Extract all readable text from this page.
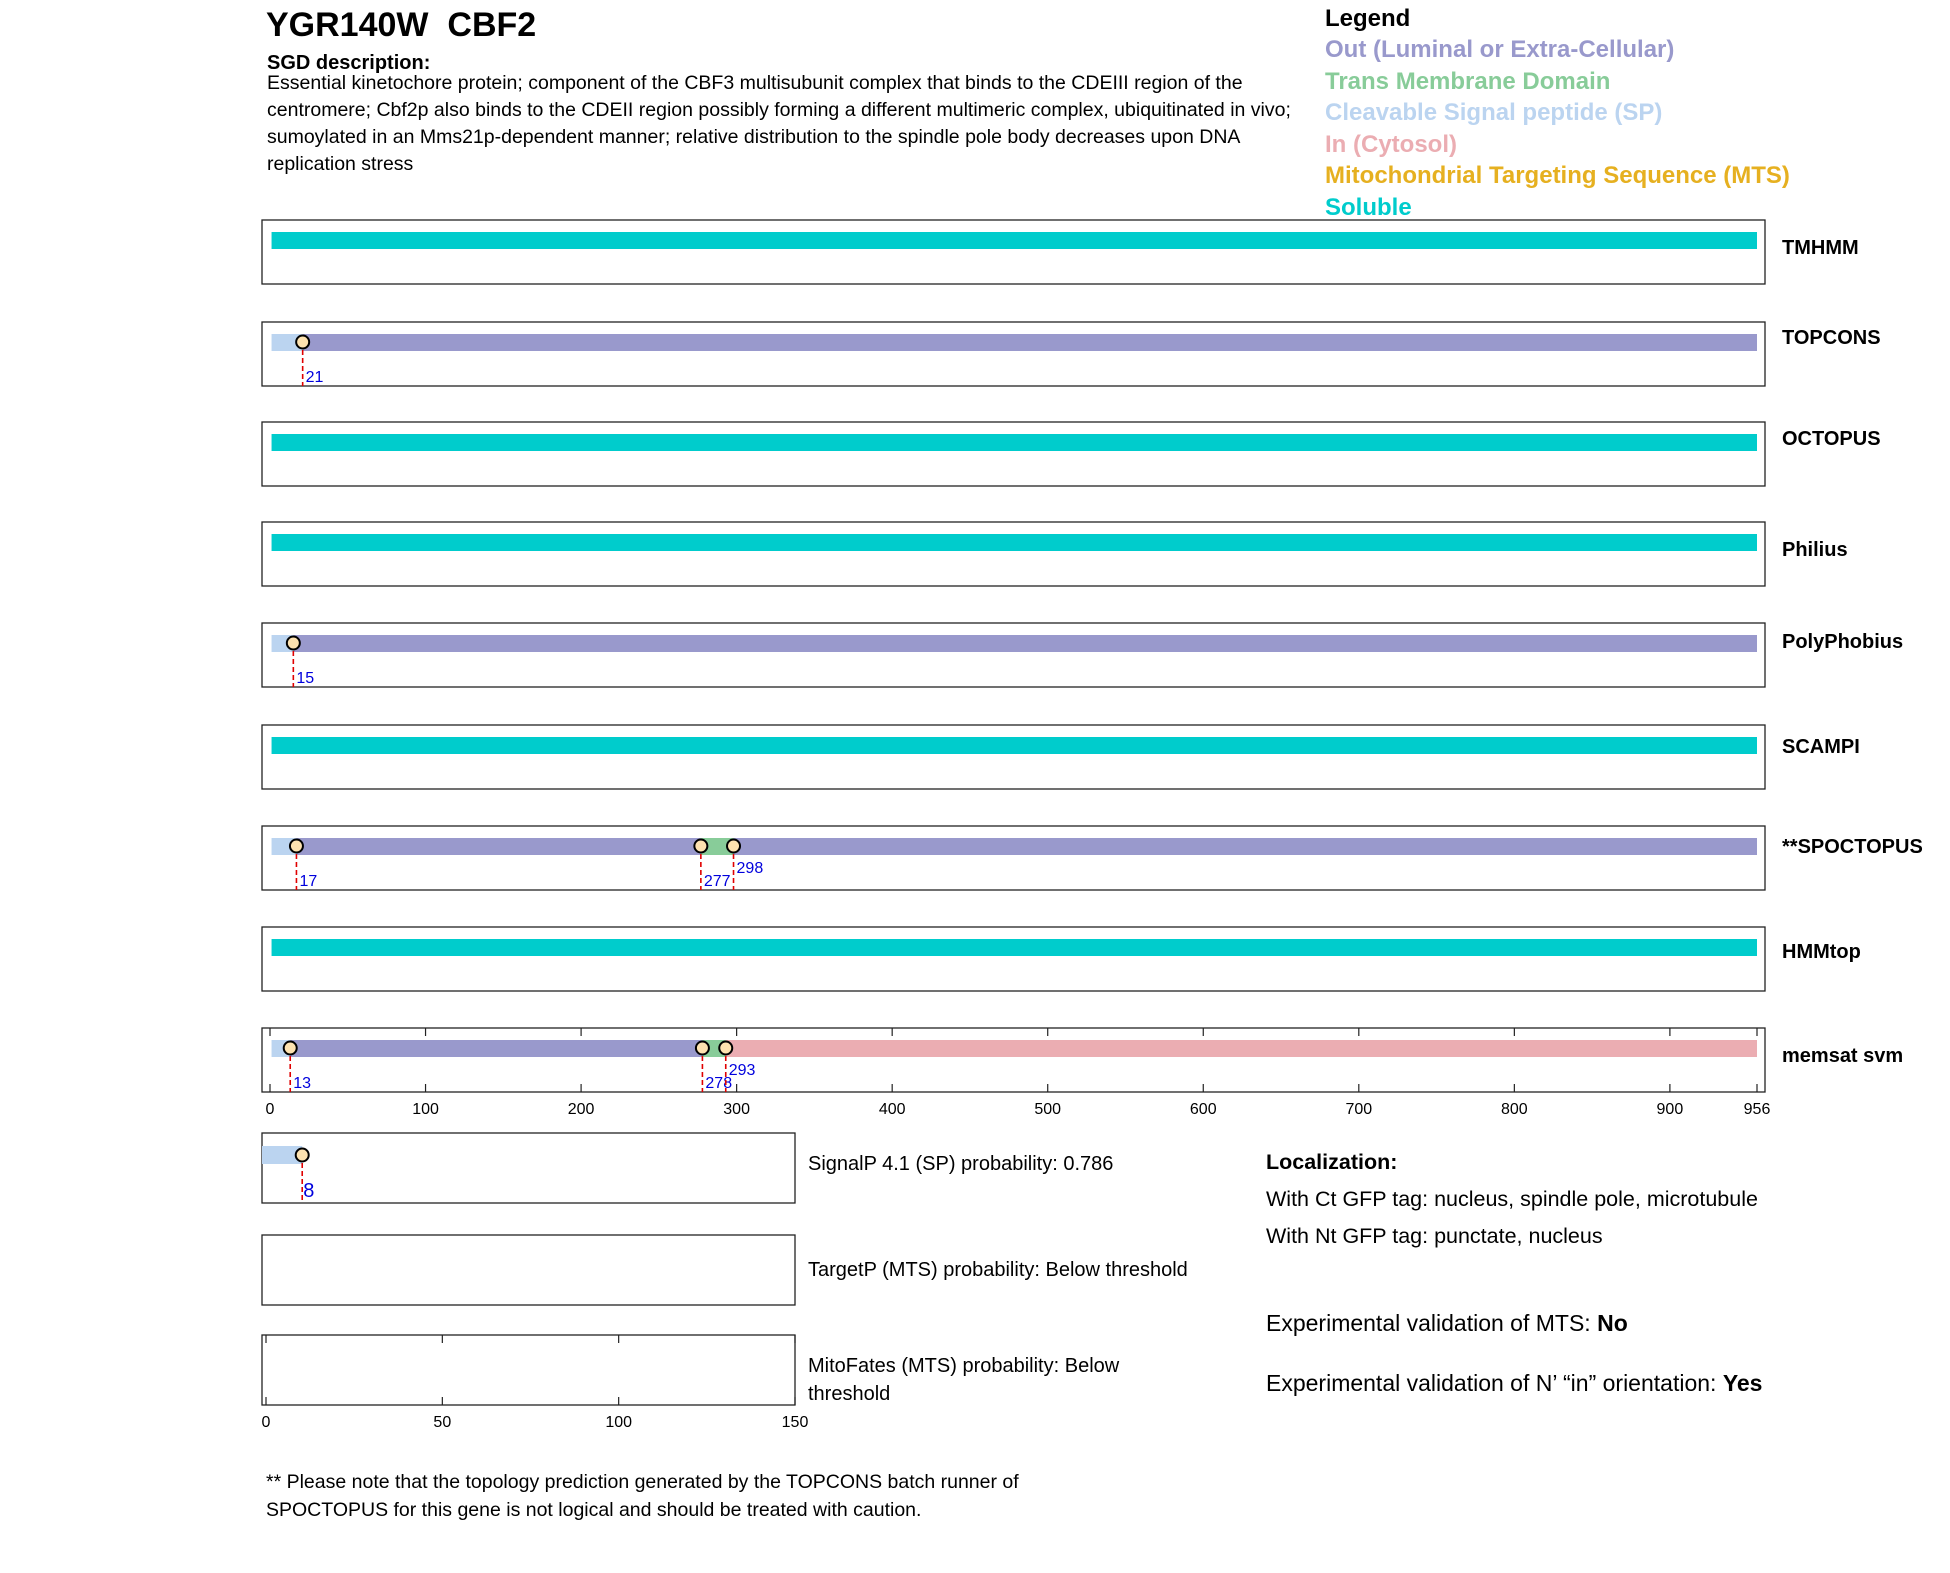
YGR140W  CBF2
SGD description:
Essential kinetochore protein; component of the CBF3 multisubunit complex that binds to the CDEIII region of the centromere; Cbf2p also binds to the CDEII region possibly forming a different multimeric complex, ubiquitinated in vivo; sumoylated in an Mms21p-dependent manner; relative distribution to the spindle pole body decreases upon DNA replication stress
Legend
Out (Luminal or Extra-Cellular)
Trans Membrane Domain
Cleavable Signal peptide (SP)
In (Cytosol)
Mitochondrial Targeting Sequence (MTS)
Soluble
TMHMM
21
TOPCONS
OCTOPUS
Philius
15
PolyPhobius
SCAMPI
17	277
298
**SPOCTOPUS
HMMtop
13	278
293
memsat svm
0	100	200	300	400	500	600	700	800	900	956
8
0	50	100	150
SignalP 4.1 (SP) probability: 0.786
TargetP (MTS) probability: Below threshold
MitoFates (MTS) probability: Below threshold
Localization:
With Ct GFP tag: nucleus, spindle pole, microtubule
With Nt GFP tag: punctate, nucleus
Experimental validation of MTS: No
Experimental validation of N’ “in” orientation: Yes
** Please note that the topology prediction generated by the TOPCONS batch runner of SPOCTOPUS for this gene is not logical and should be treated with caution.
